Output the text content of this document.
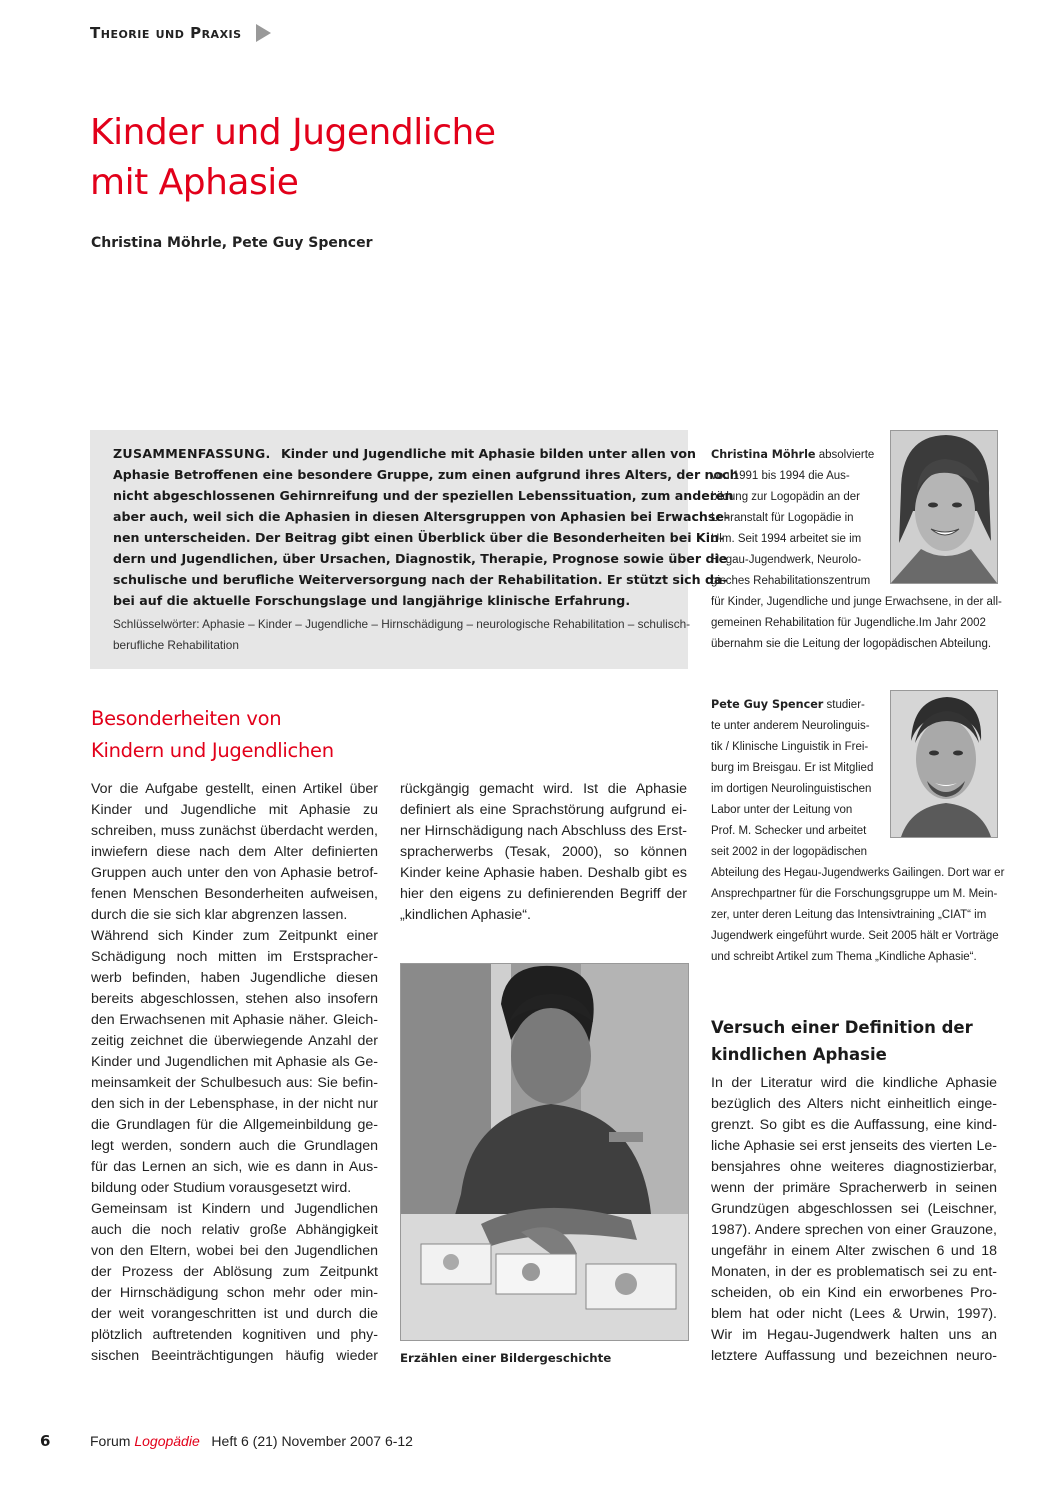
Theorie und Praxis
Kinder und Jugendliche
mit Aphasie
Christina Möhrle, Pete Guy Spencer
ZUSAMMENFASSUNG. Kinder und Jugendliche mit Aphasie bilden unter allen von
Aphasie Betroffenen eine besondere Gruppe, zum einen aufgrund ihres Alters, der noch
nicht abgeschlossenen Gehirnreifung und der speziellen Lebenssituation, zum anderen
aber auch, weil sich die Aphasien in diesen Altersgruppen von Aphasien bei Erwachse-
nen unterscheiden. Der Beitrag gibt einen Überblick über die Besonderheiten bei Kin-
dern und Jugendlichen, über Ursachen, Diagnostik, Therapie, Prognose sowie über die
schulische und berufliche Weiterversorgung nach der Rehabilitation. Er stützt sich da-
bei auf die aktuelle Forschungslage und langjährige klinische Erfahrung.
Schlüsselwörter: Aphasie – Kinder – Jugendliche – Hirnschädigung – neurologische Rehabilitation – schulisch-
berufliche Rehabilitation
Christina Möhrle absolvierte
von 1991 bis 1994 die Aus-
bildung zur Logopädin an der
Lehranstalt für Logopädie in
Ulm. Seit 1994 arbeitet sie im
Hegau-Jugendwerk, Neurolo-
gisches Rehabilitationszentrum
für Kinder, Jugendliche und junge Erwachsene, in der all-
gemeinen Rehabilitation für Jugendliche.Im Jahr 2002
übernahm sie die Leitung der logopädischen Abteilung.
Pete Guy Spencer studier-
te unter anderem Neurolinguis-
tik / Klinische Linguistik in Frei-
burg im Breisgau. Er ist Mitglied
im dortigen Neurolinguistischen
Labor unter der Leitung von
Prof. M. Schecker und arbeitet
seit 2002 in der logopädischen
Abteilung des Hegau-Jugendwerks Gailingen. Dort war er
Ansprechpartner für die Forschungsgruppe um M. Mein-
zer, unter deren Leitung das Intensivtraining „CIAT“ im
Jugendwerk eingeführt wurde. Seit 2005 hält er Vorträge
und schreibt Artikel zum Thema „Kindliche Aphasie“.
Besonderheiten von
Kindern und Jugendlichen
Vor die Aufgabe gestellt, einen Artikel über
Kinder und Jugendliche mit Aphasie zu
schreiben, muss zunächst überdacht werden,
inwiefern diese nach dem Alter definierten
Gruppen auch unter den von Aphasie betrof-
fenen Menschen Besonderheiten aufweisen,
durch die sie sich klar abgrenzen lassen.
Während sich Kinder zum Zeitpunkt einer
Schädigung noch mitten im Erstspracher-
werb befinden, haben Jugendliche diesen
bereits abgeschlossen, stehen also insofern
den Erwachsenen mit Aphasie näher. Gleich-
zeitig zeichnet die überwiegende Anzahl der
Kinder und Jugendlichen mit Aphasie als Ge-
meinsamkeit der Schulbesuch aus: Sie befin-
den sich in der Lebensphase, in der nicht nur
die Grundlagen für die Allgemeinbildung ge-
legt werden, sondern auch die Grundlagen
für das Lernen an sich, wie es dann in Aus-
bildung oder Studium vorausgesetzt wird.
Gemeinsam ist Kindern und Jugendlichen
auch die noch relativ große Abhängigkeit
von den Eltern, wobei bei den Jugendlichen
der Prozess der Ablösung zum Zeitpunkt
der Hirnschädigung schon mehr oder min-
der weit vorangeschritten ist und durch die
plötzlich auftretenden kognitiven und phy-
sischen Beeinträchtigungen häufig wieder
rückgängig gemacht wird. Ist die Aphasie
definiert als eine Sprachstörung aufgrund ei-
ner Hirnschädigung nach Abschluss des Erst-
spracherwerbs (Tesak, 2000), so können
Kinder keine Aphasie haben. Deshalb gibt es
hier den eigens zu definierenden Begriff der
„kindlichen Aphasie“.
Erzählen einer Bildergeschichte
Versuch einer Definition der
kindlichen Aphasie
In der Literatur wird die kindliche Aphasie
bezüglich des Alters nicht einheitlich einge-
grenzt. So gibt es die Auffassung, eine kind-
liche Aphasie sei erst jenseits des vierten Le-
bensjahres ohne weiteres diagnostizierbar,
wenn der primäre Spracherwerb in seinen
Grundzügen abgeschlossen sei (Leischner,
1987). Andere sprechen von einer Grauzone,
ungefähr in einem Alter zwischen 6 und 18
Monaten, in der es problematisch sei zu ent-
scheiden, ob ein Kind ein erworbenes Pro-
blem hat oder nicht (Lees & Urwin, 1997).
Wir im Hegau-Jugendwerk halten uns an
letztere Auffassung und bezeichnen neuro-
6	Forum Logopädie Heft 6 (21) November 2007 6-12
